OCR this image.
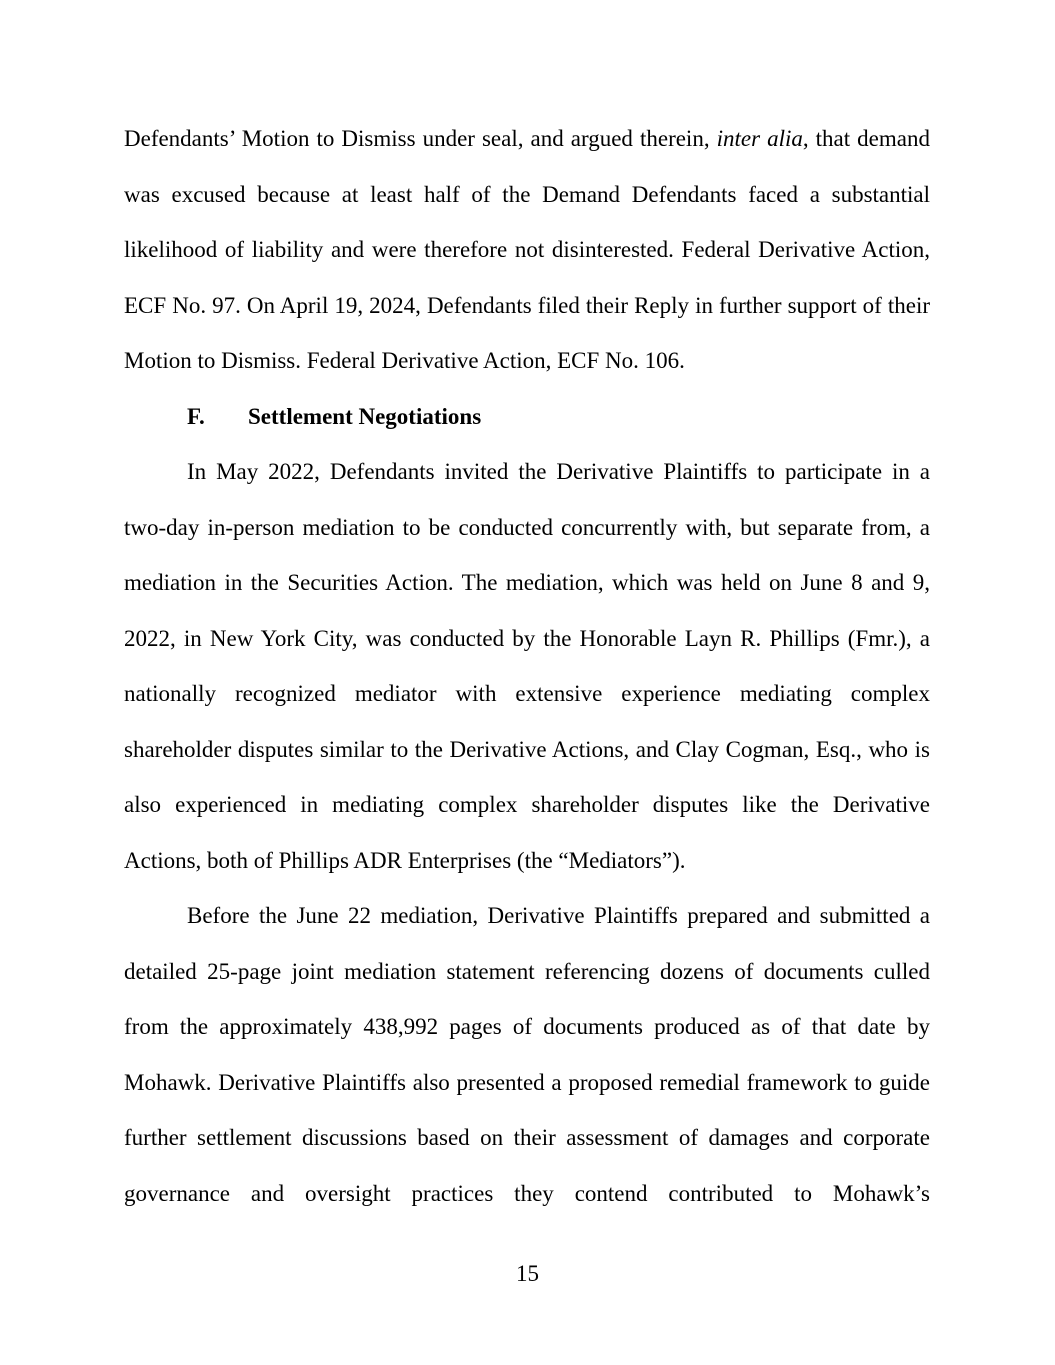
Defendants’ Motion to Dismiss under seal, and argued therein, inter alia, that demand was excused because at least half of the Demand Defendants faced a substantial likelihood of liability and were therefore not disinterested. Federal Derivative Action, ECF No. 97. On April 19, 2024, Defendants filed their Reply in further support of their Motion to Dismiss. Federal Derivative Action, ECF No. 106.

F.	Settlement Negotiations

In May 2022, Defendants invited the Derivative Plaintiffs to participate in a two-day in-person mediation to be conducted concurrently with, but separate from, a mediation in the Securities Action. The mediation, which was held on June 8 and 9, 2022, in New York City, was conducted by the Honorable Layn R. Phillips (Fmr.), a nationally recognized mediator with extensive experience mediating complex shareholder disputes similar to the Derivative Actions, and Clay Cogman, Esq., who is also experienced in mediating complex shareholder disputes like the Derivative Actions, both of Phillips ADR Enterprises (the “Mediators”).

Before the June 22 mediation, Derivative Plaintiffs prepared and submitted a detailed 25-page joint mediation statement referencing dozens of documents culled from the approximately 438,992 pages of documents produced as of that date by Mohawk. Derivative Plaintiffs also presented a proposed remedial framework to guide further settlement discussions based on their assessment of damages and corporate governance and oversight practices they contend contributed to Mohawk’s

15
